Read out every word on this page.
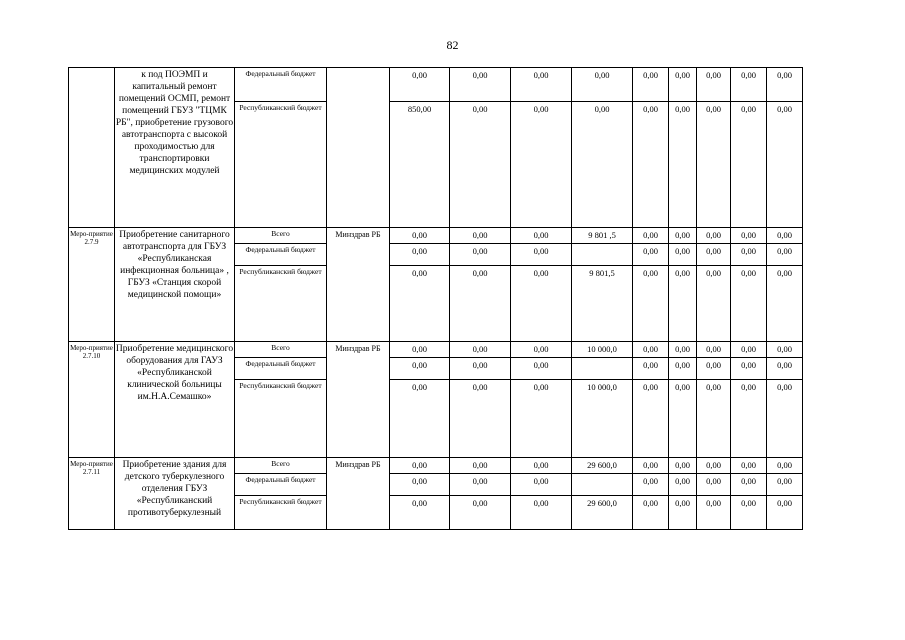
82
	к под ПОЭМП и капитальный ремонт помещений ОСМП, ремонт помещений ГБУЗ "ТЦМК РБ", приобретение грузового автотранспорта с высокой проходимостью для транспортировки медицинских модулей	Федеральный бюджет		0,00	0,00	0,00	0,00	0,00	0,00	0,00	0,00	0,00
		Республиканский бюджет		850,00	0,00	0,00	0,00	0,00	0,00	0,00	0,00	0,00
Меро-приятие 2.7.9	Приобретение санитарного автотранспорта для ГБУЗ «Республиканская инфекционная больница» , ГБУЗ «Станция скорой медицинской помощи»	Всего	Минздрав РБ	0,00	0,00	0,00	9 801 ,5	0,00	0,00	0,00	0,00	0,00
		Федеральный бюджет		0,00	0,00	0,00		0,00	0,00	0,00	0,00	0,00
		Республиканский бюджет		0,00	0,00	0,00	9 801,5	0,00	0,00	0,00	0,00	0,00
Меро-приятие 2.7.10	Приобретение медицинского оборудования для ГАУЗ «Республиканской клинической больницы им.Н.А.Семашко»	Всего	Минздрав РБ	0,00	0,00	0,00	10 000,0	0,00	0,00	0,00	0,00	0,00
		Федеральный бюджет		0,00	0,00	0,00		0,00	0,00	0,00	0,00	0,00
		Республиканский бюджет		0,00	0,00	0,00	10 000,0	0,00	0,00	0,00	0,00	0,00
Меро-приятие 2.7.11	Приобретение здания для детского туберкулезного отделения ГБУЗ «Республиканский противотуберкулезный	Всего	Минздрав РБ	0,00	0,00	0,00	29 600,0	0,00	0,00	0,00	0,00	0,00
		Федеральный бюджет		0,00	0,00	0,00		0,00	0,00	0,00	0,00	0,00
		Республиканский бюджет		0,00	0,00	0,00	29 600,0	0,00	0,00	0,00	0,00	0,00
